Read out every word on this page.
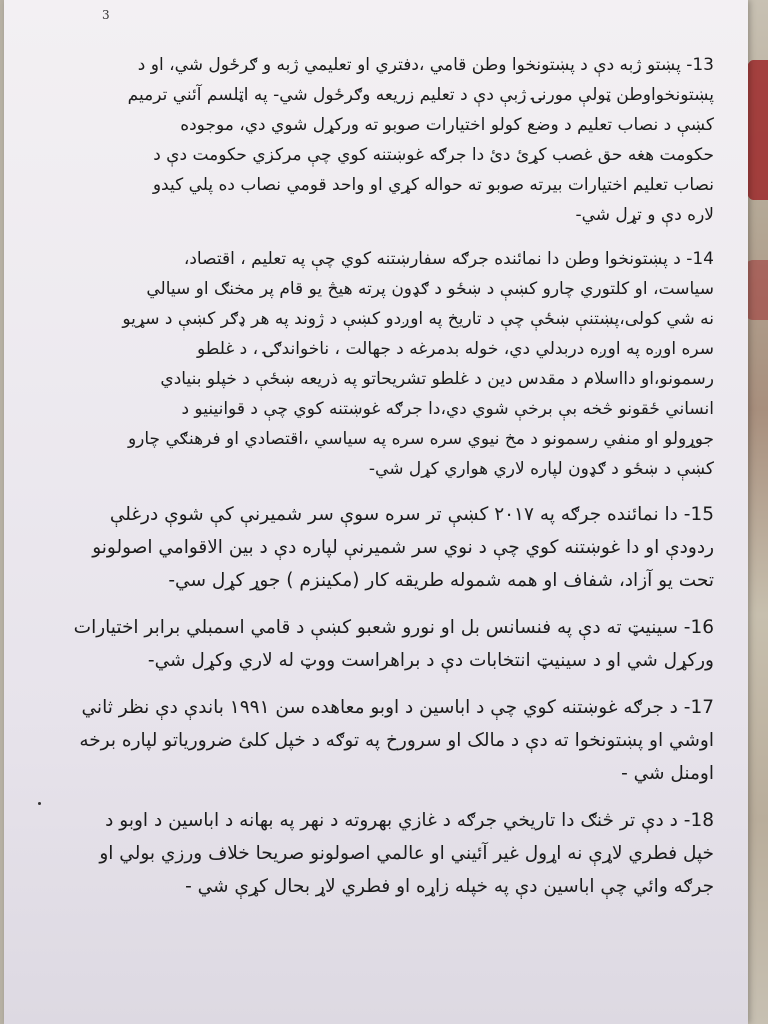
3
13- پښتو ژبه دې د پښتونخوا وطن قامي ،دفتري او تعليمي ژبه و ګرځول شي، او د
پښتونخواوطن ټولې مورنۍ ژبې دې د تعليم زريعه وګرځول شي- په اټلسم آئني ترميم
کښې د نصاب تعليم د وضع کولو اختيارات صوبو ته ورکړل شوي دي، موجوده
حکومت هغه حق غصب کړئ دئ دا جرګه غوښتنه کوي چې مرکزي حکومت دې د
نصاب تعليم اختيارات بيرته صوبو ته حواله کړي او واحد قومي نصاب ده پلي کيدو
لاره دې و تړل شي-
14- د پښتونخوا وطن دا نمائنده جرګه سفارښتنه کوي چې په تعليم ، اقتصاد،
سياست، او کلتوري چارو کښې د ښځو د ګډون پرته هيڅ يو قام پر مخنګ او سيالي
نه شي کولی،پښتنې ښځې چې د تاريخ په اوږدو کښې د ژوند په هر ډګر کښې د سړيو
سره اوږه په اوږه دربدلي دي، خوله بدمرغه د جهالت ، ناخواندګۍ ، د غلطو
رسمونو،او دااسلام د مقدس دين د غلطو تشريحاتو په ذريعه ښځې د خپلو بنيادي
انساني ځقونو څخه بې برخې شوي دي،دا جرګه غوښتنه کوي چې د قوانينيو د
جوړولو او منفي رسمونو د مخ نيوي سره سره په سياسي ،اقتصادي او فرهنګي چارو
کښې د ښځو د ګډون لپاره لاري هواري کړل شي-
15- دا نمائنده جرګه په ۲۰۱۷ کښې تر سره سوې سر شميرنې کې شوې درغلې
ردودې او دا غوښتنه کوي چې د نوي سر شميرنې لپاره دې د بين الاقوامي اصولونو
تحت يو آزاد، شفاف او همه شموله طريقه کار (مکينزم ) جوړ کړل سي-
16- سينيټ ته دې په فنسانس بل او نورو شعبو کښې د قامي اسمبلي برابر اختيارات
ورکړل شي او د سينيټ انتخابات دې د براهراست ووټ له لاري وکړل شي-
17- د جرګه غوښتنه کوي چې د اباسين د اوبو معاهده سن ۱۹۹۱ باندې دې نظر ثاني
اوشي او پښتونخوا ته دې د مالک او سرورخ په توګه د خپل کلئ ضرورياتو لپاره برخه
اومنل شي -
18- د دې تر څنګ دا تاريخي جرګه د غازي بهروته د نهر په بهانه د اباسين د اوبو د
خپل فطري لاړې نه اړول غير آئيني او عالمي اصولونو صريحا خلاف ورزي بولي او
جرګه وائي چې اباسين دې په خپله زاړه او فطري لاړ بحال کړې شي -
